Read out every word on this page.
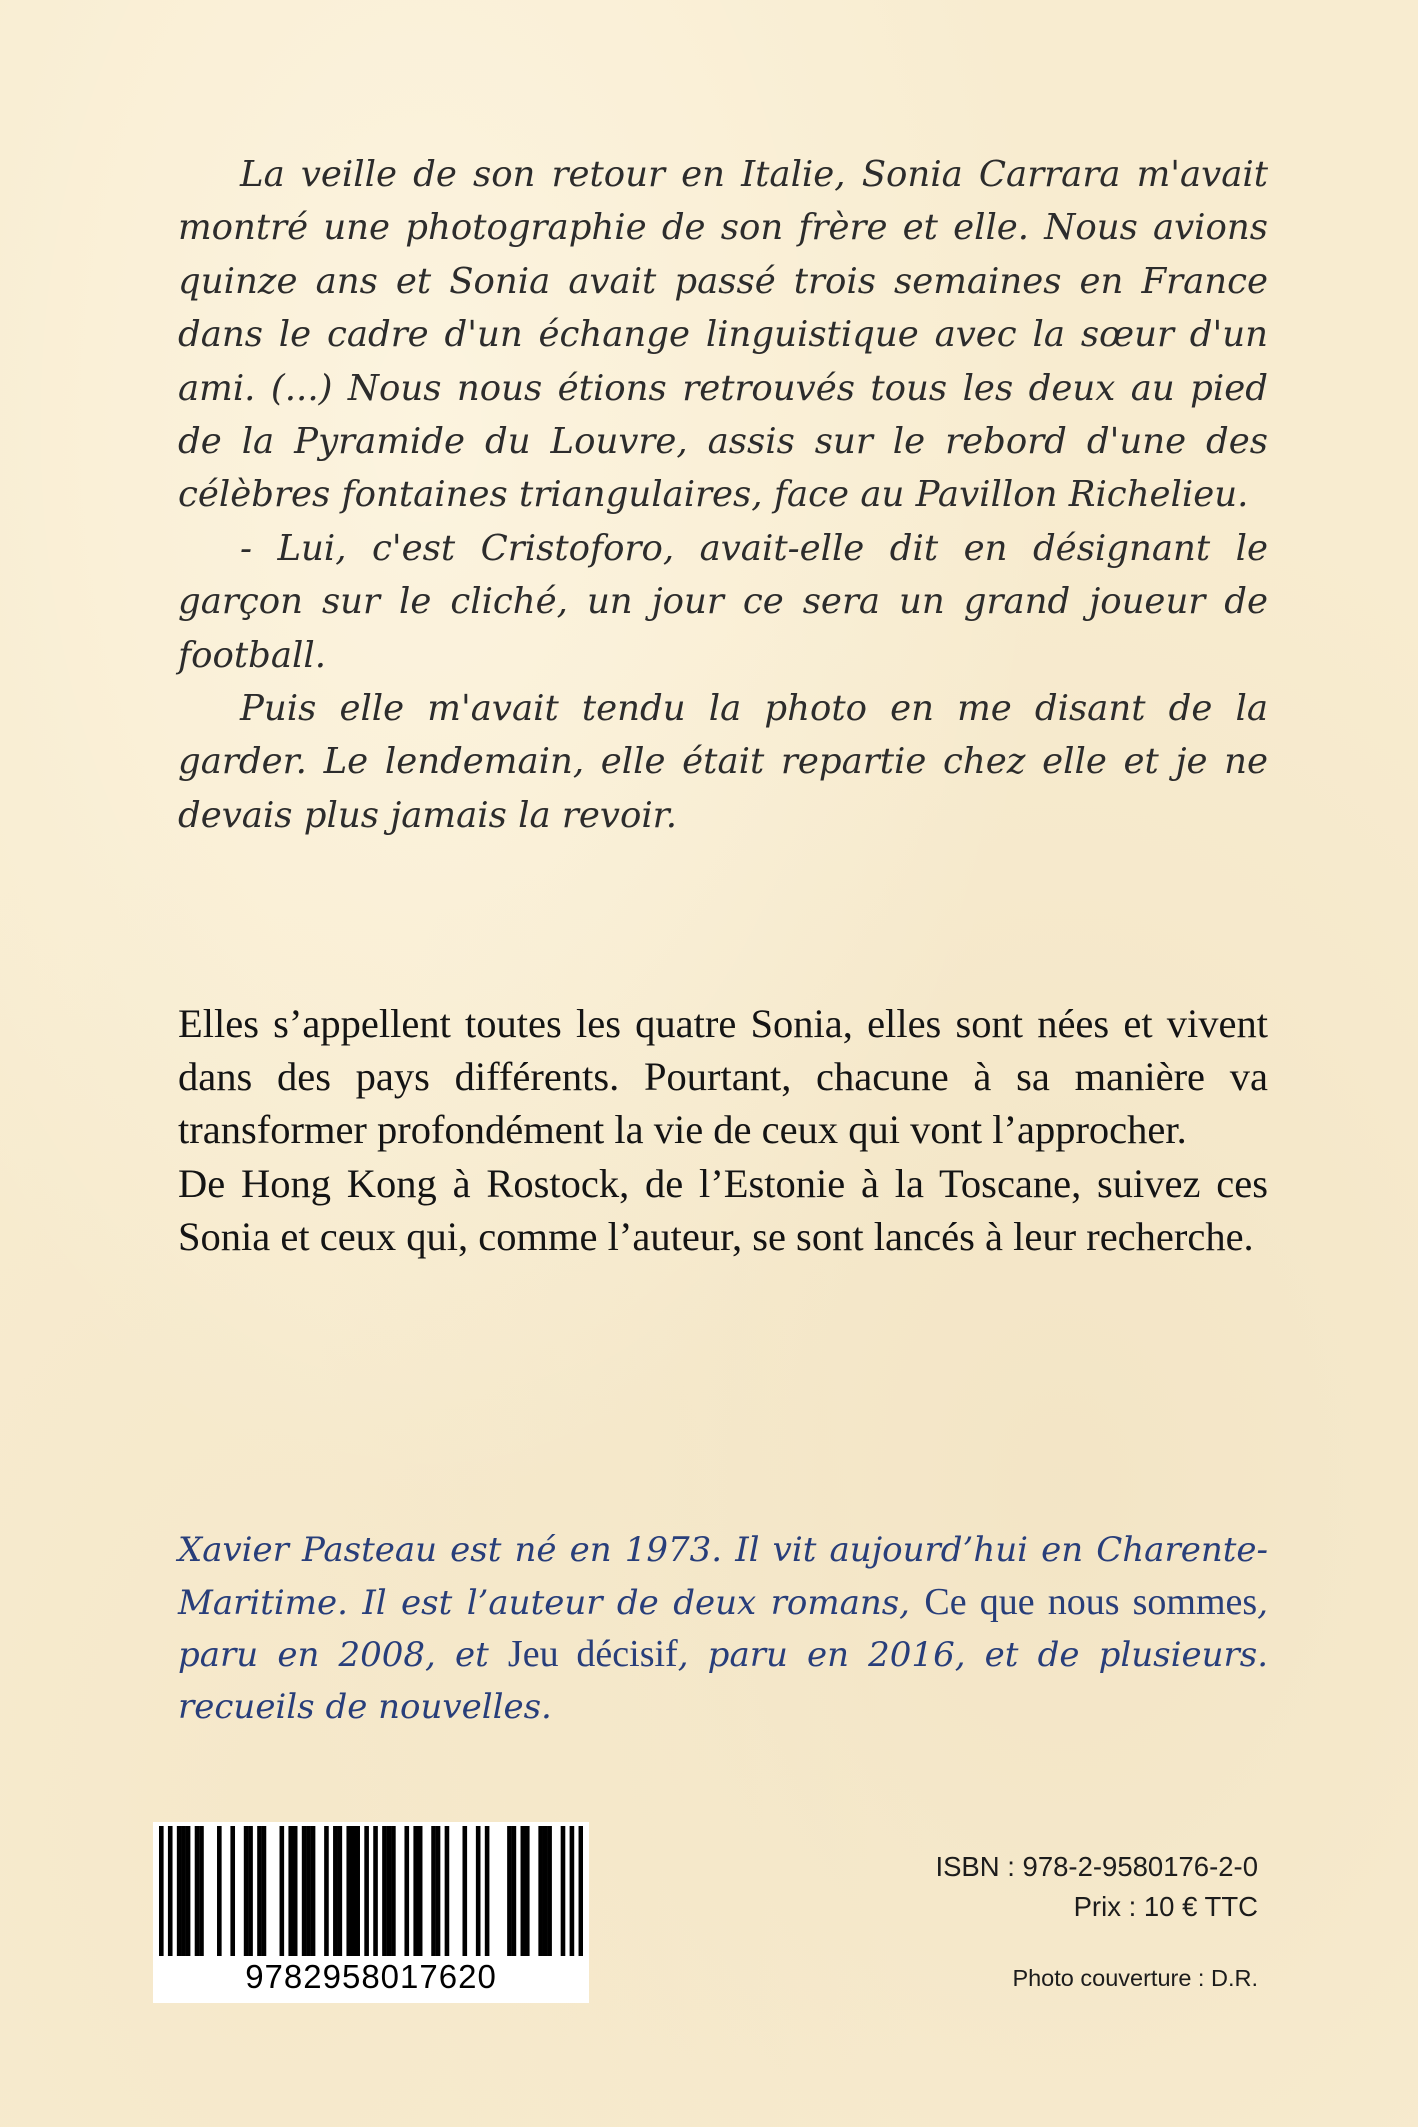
La veille de son retour en Italie, Sonia Carrara m'avait montré une photographie de son frère et elle. Nous avions quinze ans et Sonia avait passé trois semaines en France dans le cadre d'un échange linguistique avec la sœur d'un ami. (...) Nous nous étions retrouvés tous les deux au pied de la Pyramide du Louvre, assis sur le rebord d'une des célèbres fontaines triangulaires, face au Pavillon Richelieu.

- Lui, c'est Cristoforo, avait-elle dit en désignant le garçon sur le cliché, un jour ce sera un grand joueur de football.

Puis elle m'avait tendu la photo en me disant de la garder. Le lendemain, elle était repartie chez elle et je ne devais plus jamais la revoir.

Elles s’appellent toutes les quatre Sonia, elles sont nées et vivent dans des pays différents. Pourtant, chacune à sa manière va transformer profondément la vie de ceux qui vont l’approcher.

De Hong Kong à Rostock, de l’Estonie à la Toscane, suivez ces Sonia et ceux qui, comme l’auteur, se sont lancés à leur recherche.

Xavier Pasteau est né en 1973. Il vit aujourd’hui en Charente-Maritime. Il est l’auteur de deux romans, Ce que nous sommes, paru en 2008, et Jeu décisif, paru en 2016, et de plusieurs. recueils de nouvelles.
9782958017620
ISBN : 978-2-9580176-2-0
Prix : 10 € TTC
Photo couverture : D.R.
